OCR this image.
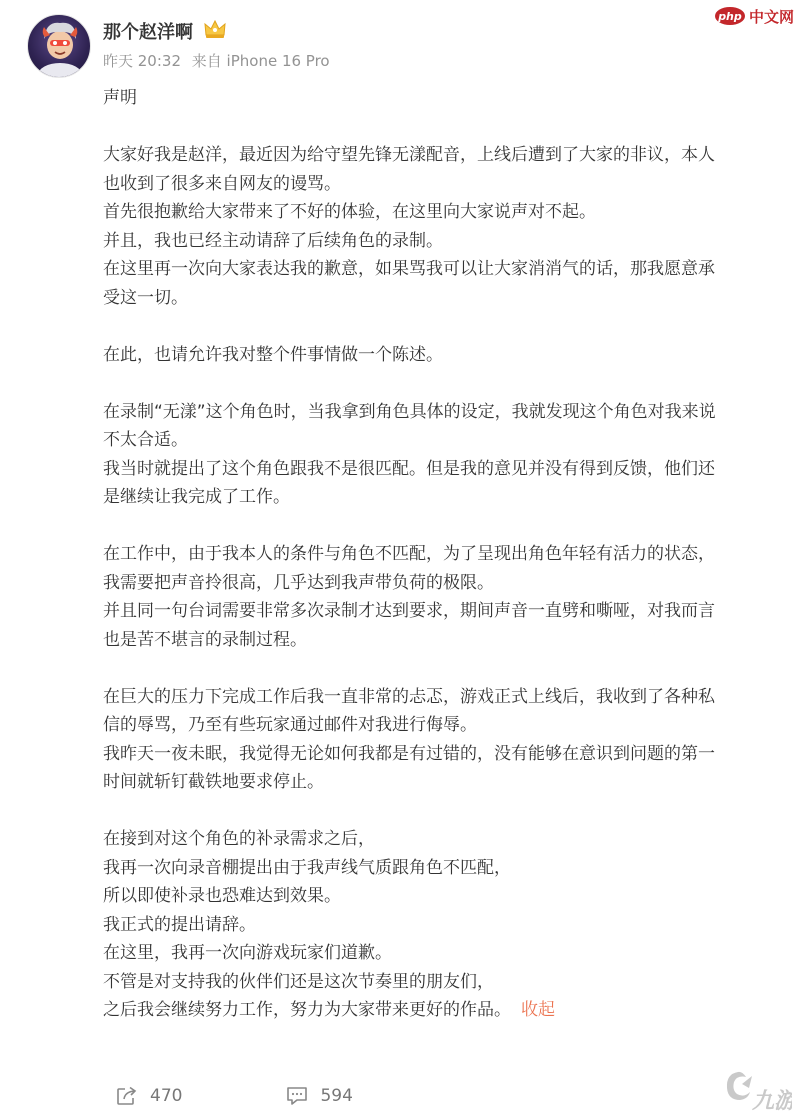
那个赵洋啊
昨天 20:32 来自 iPhone 16 Pro
php 中文网
声明
大家好我是赵洋，最近因为给守望先锋无漾配音，上线后遭到了大家的非议，本人
也收到了很多来自网友的谩骂。
首先很抱歉给大家带来了不好的体验，在这里向大家说声对不起。
并且，我也已经主动请辞了后续角色的录制。
在这里再一次向大家表达我的歉意，如果骂我可以让大家消消气的话，那我愿意承
受这一切。
在此，也请允许我对整个件事情做一个陈述。
在录制“无漾”这个角色时，当我拿到角色具体的设定，我就发现这个角色对我来说
不太合适。
我当时就提出了这个角色跟我不是很匹配。但是我的意见并没有得到反馈，他们还
是继续让我完成了工作。
在工作中，由于我本人的条件与角色不匹配，为了呈现出角色年轻有活力的状态，
我需要把声音拎很高，几乎达到我声带负荷的极限。
并且同一句台词需要非常多次录制才达到要求，期间声音一直劈和嘶哑，对我而言
也是苦不堪言的录制过程。
在巨大的压力下完成工作后我一直非常的忐忑，游戏正式上线后，我收到了各种私
信的辱骂，乃至有些玩家通过邮件对我进行侮辱。
我昨天一夜未眠，我觉得无论如何我都是有过错的，没有能够在意识到问题的第一
时间就斩钉截铁地要求停止。
在接到对这个角色的补录需求之后，
我再一次向录音棚提出由于我声线气质跟角色不匹配，
所以即使补录也恐难达到效果。
我正式的提出请辞。
在这里，我再一次向游戏玩家们道歉。
不管是对支持我的伙伴们还是这次节奏里的朋友们，
之后我会继续努力工作，努力为大家带来更好的作品。 收起
470	594	九游
